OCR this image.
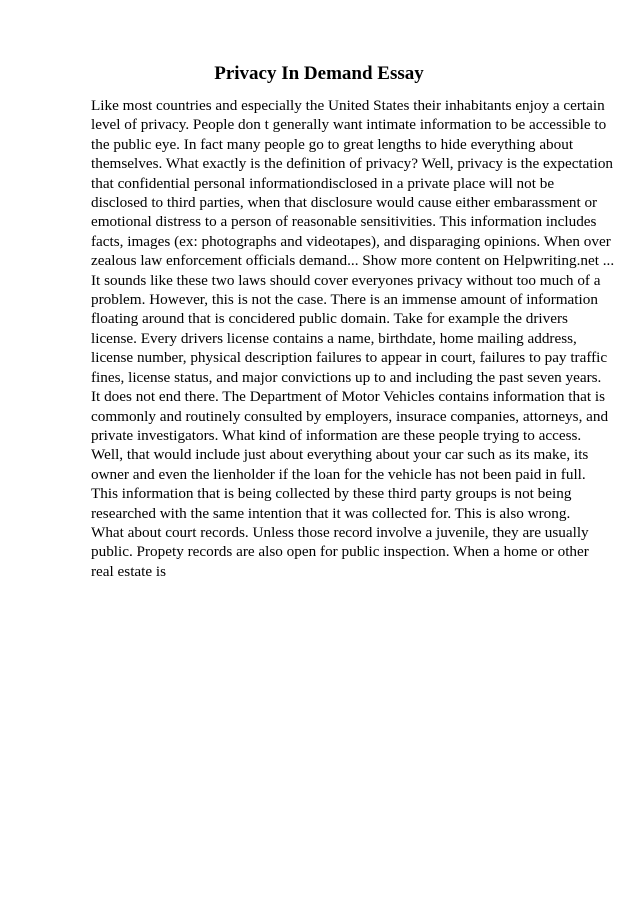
Privacy In Demand Essay
Like most countries and especially the United States their inhabitants enjoy a certain
level of privacy. People don t generally want intimate information to be accessible to
the public eye. In fact many people go to great lengths to hide everything about
themselves. What exactly is the definition of privacy? Well, privacy is the expectation
that confidential personal informationdisclosed in a private place will not be
disclosed to third parties, when that disclosure would cause either embarassment or
emotional distress to a person of reasonable sensitivities. This information includes
facts, images (ex: photographs and videotapes), and disparaging opinions. When over
zealous law enforcement officials demand... Show more content on Helpwriting.net ...
It sounds like these two laws should cover everyones privacy without too much of a
problem. However, this is not the case. There is an immense amount of information
floating around that is concidered public domain. Take for example the drivers
license. Every drivers license contains a name, birthdate, home mailing address,
license number, physical description failures to appear in court, failures to pay traffic
fines, license status, and major convictions up to and including the past seven years.
It does not end there. The Department of Motor Vehicles contains information that is
commonly and routinely consulted by employers, insurace companies, attorneys, and
private investigators. What kind of information are these people trying to access.
Well, that would include just about everything about your car such as its make, its
owner and even the lienholder if the loan for the vehicle has not been paid in full.
This information that is being collected by these third party groups is not being
researched with the same intention that it was collected for. This is also wrong.
What about court records. Unless those record involve a juvenile, they are usually
public. Propety records are also open for public inspection. When a home or other
real estate is
